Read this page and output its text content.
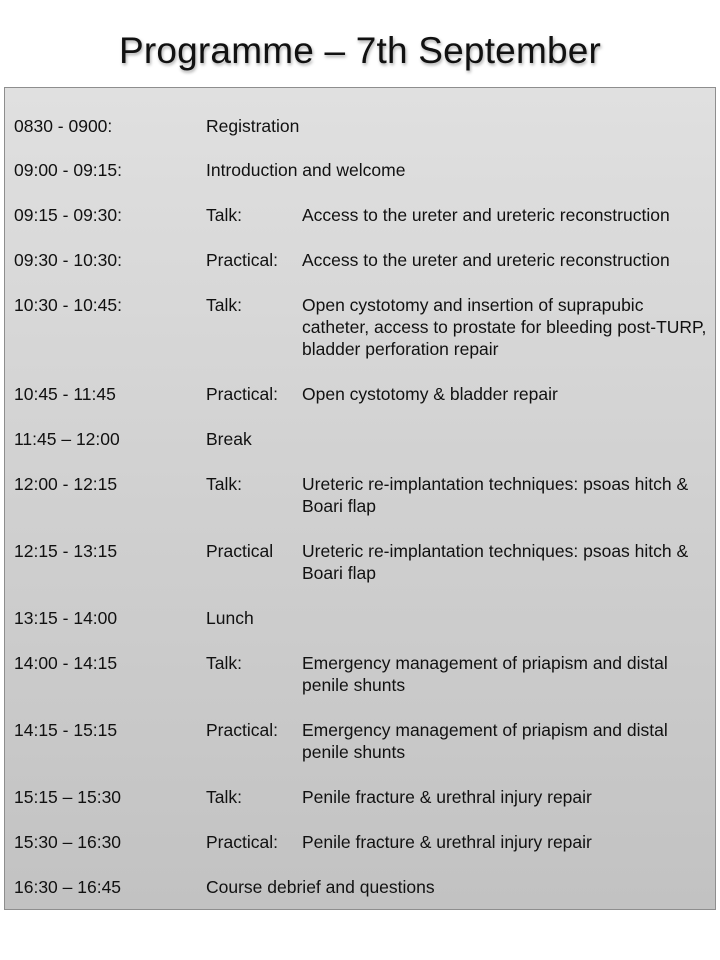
Programme – 7th September
0830 - 0900:	Registration
09:00 - 09:15:	Introduction and welcome
09:15 - 09:30:	Talk:	Access to the ureter and ureteric reconstruction
09:30 - 10:30:	Practical: Access to the ureter and ureteric reconstruction
10:30 - 10:45:	Talk:	Open cystotomy and insertion of suprapubic catheter, access to prostate for bleeding post-TURP, bladder perforation repair
10:45 - 11:45	Practical: Open cystotomy & bladder repair
11:45 – 12:00	Break
12:00 - 12:15	Talk:	Ureteric re-implantation techniques: psoas hitch & Boari flap
12:15 - 13:15	Practical Ureteric re-implantation techniques: psoas hitch & Boari flap
13:15 - 14:00	Lunch
14:00 - 14:15	Talk:	Emergency management of priapism and distal penile shunts
14:15 - 15:15	Practical: Emergency management of priapism and distal penile shunts
15:15 – 15:30	Talk:	Penile fracture & urethral injury repair
15:30 – 16:30	Practical: Penile fracture & urethral injury repair
16:30 – 16:45	Course debrief and questions
